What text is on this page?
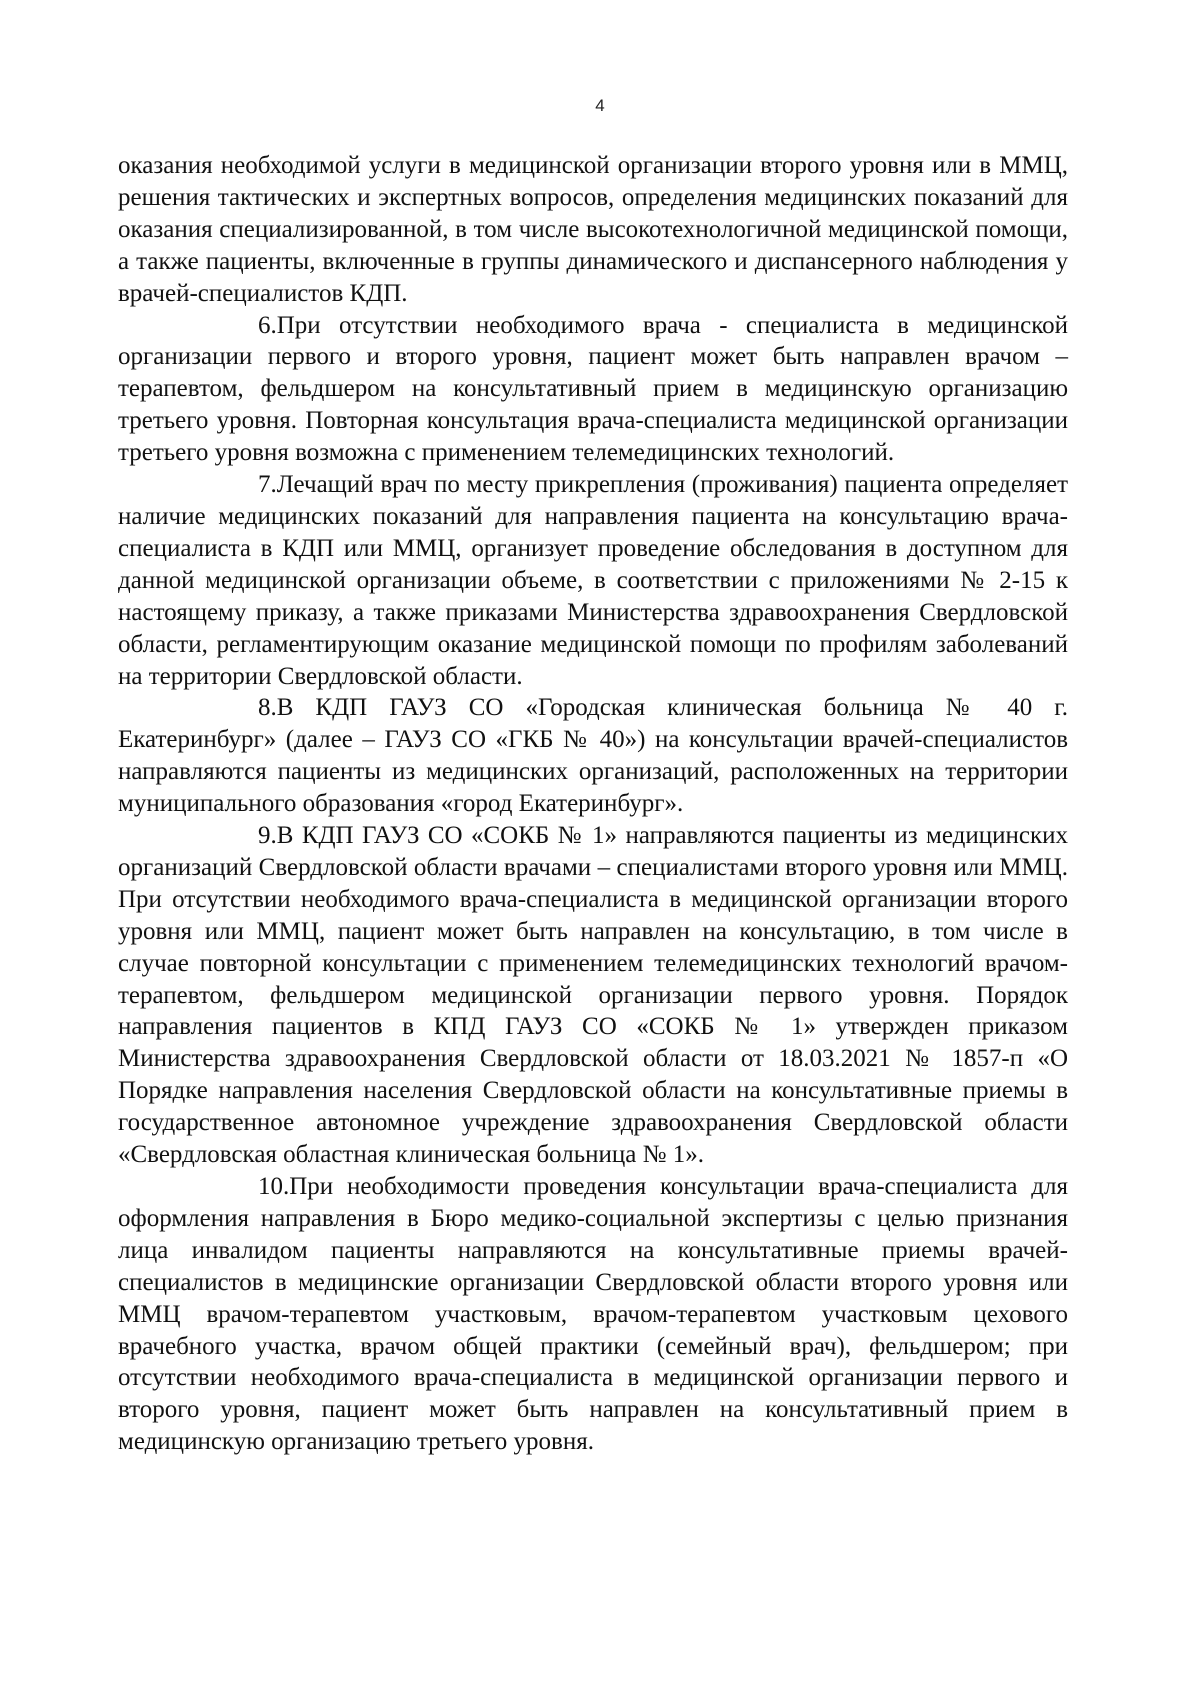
4

оказания необходимой услуги в медицинской организации второго уровня или в ММЦ, решения тактических и экспертных вопросов, определения медицинских показаний для оказания специализированной, в том числе высокотехнологичной медицинской помощи, а также пациенты, включенные в группы динамического и диспансерного наблюдения у врачей-специалистов КДП.

6.При отсутствии необходимого врача - специалиста в медицинской организации первого и второго уровня, пациент может быть направлен врачом – терапевтом, фельдшером на консультативный прием в медицинскую организацию третьего уровня. Повторная консультация врача-специалиста медицинской организации третьего уровня возможна с применением телемедицинских технологий.

7.Лечащий врач по месту прикрепления (проживания) пациента определяет наличие медицинских показаний для направления пациента на консультацию врача-специалиста в КДП или ММЦ, организует проведение обследования в доступном для данной медицинской организации объеме, в соответствии с приложениями № 2-15 к настоящему приказу, а также приказами Министерства здравоохранения Свердловской области, регламентирующим оказание медицинской помощи по профилям заболеваний на территории Свердловской области.

8.В КДП ГАУЗ СО «Городская клиническая больница № 40 г. Екатеринбург» (далее – ГАУЗ СО «ГКБ № 40») на консультации врачей-специалистов направляются пациенты из медицинских организаций, расположенных на территории муниципального образования «город Екатеринбург».

9.В КДП ГАУЗ СО «СОКБ № 1» направляются пациенты из медицинских организаций Свердловской области врачами – специалистами второго уровня или ММЦ. При отсутствии необходимого врача-специалиста в медицинской организации второго уровня или ММЦ, пациент может быть направлен на консультацию, в том числе в случае повторной консультации с применением телемедицинских технологий врачом-терапевтом, фельдшером медицинской организации первого уровня. Порядок направления пациентов в КПД ГАУЗ СО «СОКБ № 1» утвержден приказом Министерства здравоохранения Свердловской области от 18.03.2021 № 1857-п «О Порядке направления населения Свердловской области на консультативные приемы в государственное автономное учреждение здравоохранения Свердловской области «Свердловская областная клиническая больница № 1».

10.При необходимости проведения консультации врача-специалиста для оформления направления в Бюро медико-социальной экспертизы с целью признания лица инвалидом пациенты направляются на консультативные приемы врачей-специалистов в медицинские организации Свердловской области второго уровня или ММЦ врачом-терапевтом участковым, врачом-терапевтом участковым цехового врачебного участка, врачом общей практики (семейный врач), фельдшером; при отсутствии необходимого врача-специалиста в медицинской организации первого и второго уровня, пациент может быть направлен на консультативный прием в медицинскую организацию третьего уровня.
